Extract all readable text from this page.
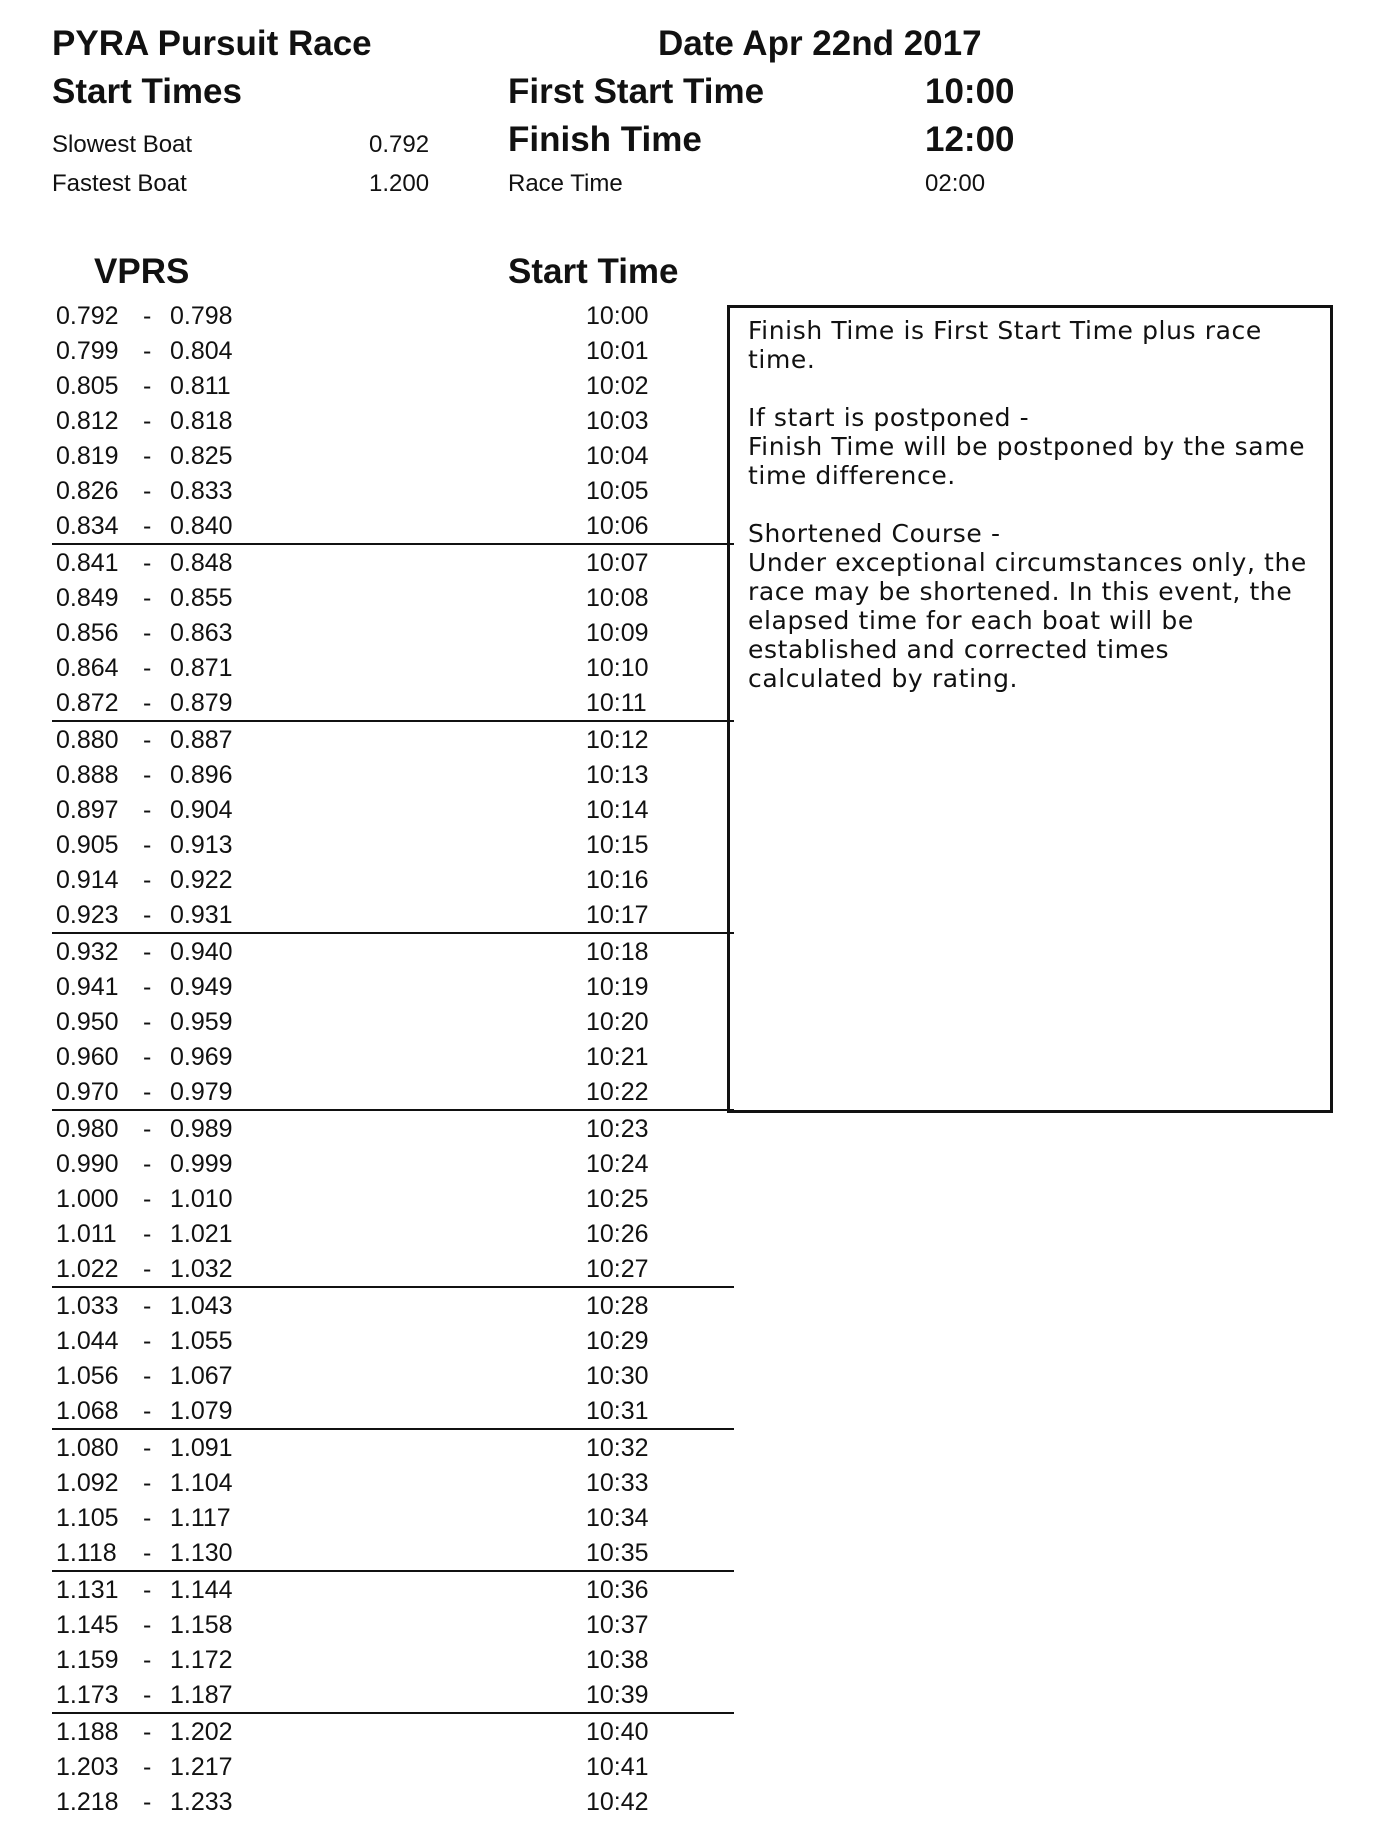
PYRA Pursuit Race	Date Apr 22nd 2017
Start Times	First Start Time	10:00
Slowest Boat	0.792 Finish Time	12:00
Fastest Boat	1.200	Race Time	02:00
VPRS	Start Time
0.792 - 0.798	10:00
0.799 - 0.804	10:01
0.805 - 0.811	10:02
0.812 - 0.818	10:03
0.819 - 0.825	10:04
0.826 - 0.833	10:05
0.834 - 0.840	10:06
0.841 - 0.848	10:07
0.849 - 0.855	10:08
0.856 - 0.863	10:09
0.864 - 0.871	10:10
0.872 - 0.879	10:11
0.880 - 0.887	10:12
0.888 - 0.896	10:13
0.897 - 0.904	10:14
0.905 - 0.913	10:15
0.914 - 0.922	10:16
0.923 - 0.931	10:17
0.932 - 0.940	10:18
0.941 - 0.949	10:19
0.950 - 0.959	10:20
0.960 - 0.969	10:21
0.970 - 0.979	10:22
0.980 - 0.989	10:23
0.990 - 0.999	10:24
1.000 - 1.010	10:25
1.011 - 1.021	10:26
1.022 - 1.032	10:27
1.033 - 1.043	10:28
1.044 - 1.055	10:29
1.056 - 1.067	10:30
1.068 - 1.079	10:31
1.080 - 1.091	10:32
1.092 - 1.104	10:33
1.105 - 1.117	10:34
1.118 - 1.130	10:35
1.131 - 1.144	10:36
1.145 - 1.158	10:37
1.159 - 1.172	10:38
1.173 - 1.187	10:39
1.188 - 1.202	10:40
1.203 - 1.217	10:41
1.218 - 1.233	10:42

Finish Time is First Start Time plus race time.

If start is postponed -
Finish Time will be postponed by the same time difference.

Shortened Course -
Under exceptional circumstances only, the race may be shortened. In this event, the elapsed time for each boat will be established and corrected times calculated by rating.
